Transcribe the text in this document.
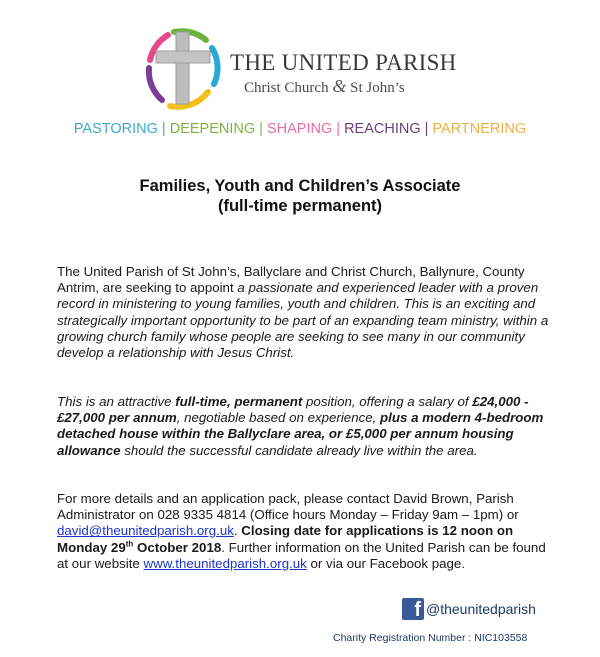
THE UNITED PARISH
Christ Church & St John’s
PASTORING | DEEPENING | SHAPING | REACHING | PARTNERING
Families, Youth and Children’s Associate
(full-time permanent)
The United Parish of St John’s, Ballyclare and Christ Church, Ballynure, County Antrim, are seeking to appoint a passionate and experienced leader with a proven record in ministering to young families, youth and children. This is an exciting and strategically important opportunity to be part of an expanding team ministry, within a growing church family whose people are seeking to see many in our community develop a relationship with Jesus Christ.
This is an attractive full-time, permanent position, offering a salary of £24,000 - £27,000 per annum, negotiable based on experience, plus a modern 4-bedroom detached house within the Ballyclare area, or £5,000 per annum housing allowance should the successful candidate already live within the area.
For more details and an application pack, please contact David Brown, Parish Administrator on 028 9335 4814 (Office hours Monday – Friday 9am – 1pm) or david@theunitedparish.org.uk. Closing date for applications is 12 noon on Monday 29th October 2018. Further information on the United Parish can be found at our website www.theunitedparish.org.uk or via our Facebook page.
f @theunitedparish
Charity Registration Number : NIC103558
